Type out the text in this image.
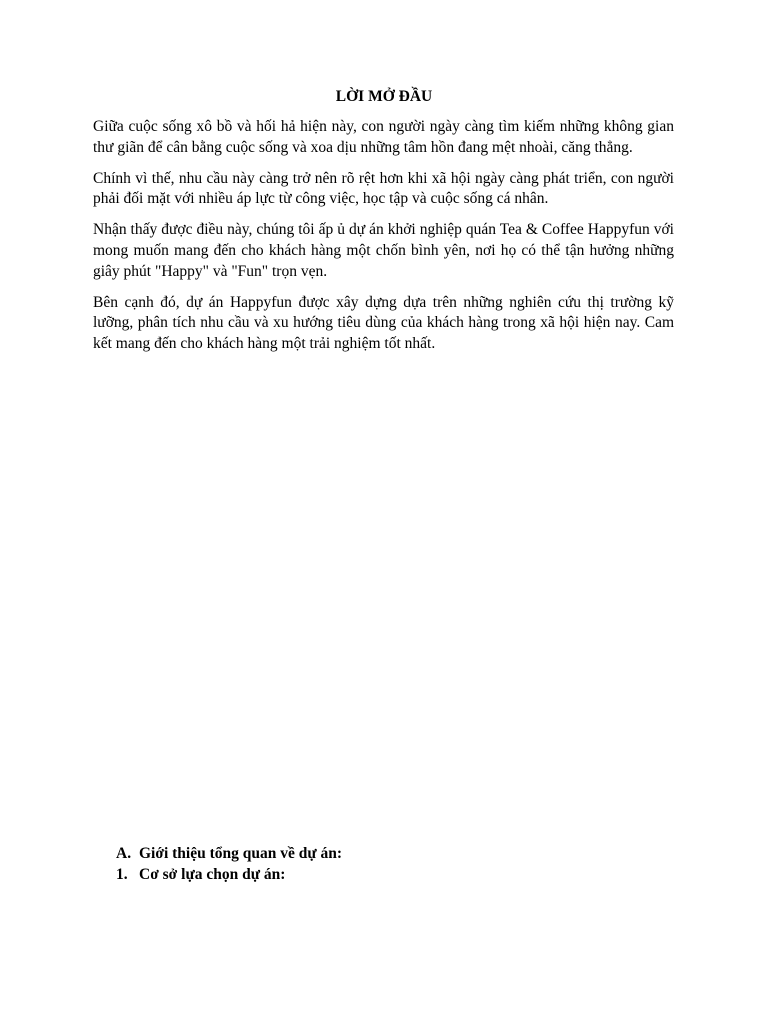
LỜI MỞ ĐẦU

Giữa cuộc sống xô bồ và hối hả hiện này, con người ngày càng tìm kiếm những không gian thư giãn để cân bằng cuộc sống và xoa dịu những tâm hồn đang mệt nhoài, căng thẳng.

Chính vì thế, nhu cầu này càng trở nên rõ rệt hơn khi xã hội ngày càng phát triển, con người phải đối mặt với nhiều áp lực từ công việc, học tập và cuộc sống cá nhân.

Nhận thấy được điều này, chúng tôi ấp ủ dự án khởi nghiệp quán Tea & Coffee Happyfun với mong muốn mang đến cho khách hàng một chốn bình yên, nơi họ có thể tận hưởng những giây phút "Happy" và "Fun" trọn vẹn.

Bên cạnh đó, dự án Happyfun được xây dựng dựa trên những nghiên cứu thị trường kỹ lưỡng, phân tích nhu cầu và xu hướng tiêu dùng của khách hàng trong xã hội hiện nay. Cam kết mang đến cho khách hàng một trải nghiệm tốt nhất.

A. Giới thiệu tổng quan về dự án:
1. Cơ sở lựa chọn dự án:
